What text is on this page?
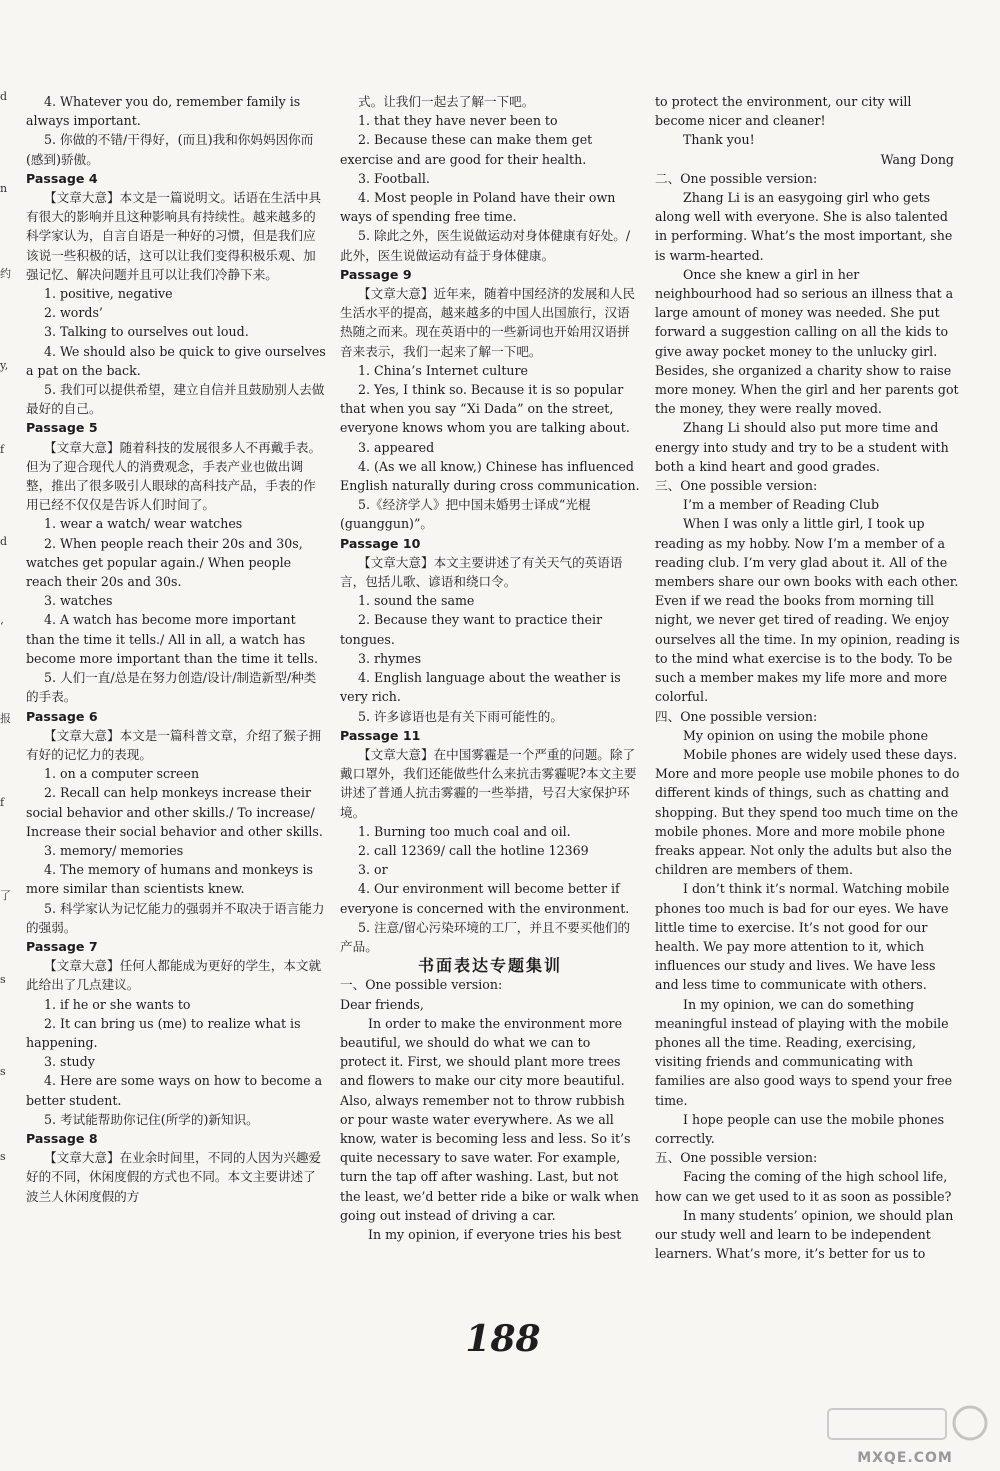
d
n
约
y,
f
d
ʻ
报
f
了
s
s
s

4. Whatever you do, remember family is always important.

5. 你做的不错/干得好，(而且)我和你妈妈因你而(感到)骄傲。

Passage 4

【文章大意】本文是一篇说明文。话语在生活中具有很大的影响并且这种影响具有持续性。越来越多的科学家认为，自言自语是一种好的习惯，但是我们应该说一些积极的话，这可以让我们变得积极乐观、加强记忆、解决问题并且可以让我们冷静下来。

1. positive, negative

2. words’

3. Talking to ourselves out loud.

4. We should also be quick to give ourselves a pat on the back.

5. 我们可以提供希望，建立自信并且鼓励别人去做最好的自己。

Passage 5

【文章大意】随着科技的发展很多人不再戴手表。但为了迎合现代人的消费观念，手表产业也做出调整，推出了很多吸引人眼球的高科技产品，手表的作用已经不仅仅是告诉人们时间了。

1. wear a watch/ wear watches

2. When people reach their 20s and 30s, watches get popular again./ When people reach their 20s and 30s.

3. watches

4. A watch has become more important than the time it tells./ All in all, a watch has become more important than the time it tells.

5. 人们一直/总是在努力创造/设计/制造新型/种类的手表。

Passage 6

【文章大意】本文是一篇科普文章，介绍了猴子拥有好的记忆力的表现。

1. on a computer screen

2. Recall can help monkeys increase their social behavior and other skills./ To increase/ Increase their social behavior and other skills.

3. memory/ memories

4. The memory of humans and monkeys is more similar than scientists knew.

5. 科学家认为记忆能力的强弱并不取决于语言能力的强弱。

Passage 7

【文章大意】任何人都能成为更好的学生，本文就此给出了几点建议。

1. if he or she wants to

2. It can bring us (me) to realize what is happening.

3. study

4. Here are some ways on how to become a better student.

5. 考试能帮助你记住(所学的)新知识。

Passage 8

【文章大意】在业余时间里，不同的人因为兴趣爱好的不同，休闲度假的方式也不同。本文主要讲述了波兰人休闲度假的方

式。让我们一起去了解一下吧。

1. that they have never been to

2. Because these can make them get exercise and are good for their health.

3. Football.

4. Most people in Poland have their own ways of spending free time.

5. 除此之外，医生说做运动对身体健康有好处。/此外，医生说做运动有益于身体健康。

Passage 9

【文章大意】近年来，随着中国经济的发展和人民生活水平的提高，越来越多的中国人出国旅行，汉语热随之而来。现在英语中的一些新词也开始用汉语拼音来表示，我们一起来了解一下吧。

1. China’s Internet culture

2. Yes, I think so. Because it is so popular that when you say “Xi Dada” on the street, everyone knows whom you are talking about.

3. appeared

4. (As we all know,) Chinese has influenced English naturally during cross communication.

5.《经济学人》把中国未婚男士译成“光棍(guanggun)”。

Passage 10

【文章大意】本文主要讲述了有关天气的英语语言，包括儿歌、谚语和绕口令。

1. sound the same

2. Because they want to practice their tongues.

3. rhymes

4. English language about the weather is very rich.

5. 许多谚语也是有关下雨可能性的。

Passage 11

【文章大意】在中国雾霾是一个严重的问题。除了戴口罩外，我们还能做些什么来抗击雾霾呢?本文主要讲述了普通人抗击雾霾的一些举措，号召大家保护环境。

1. Burning too much coal and oil.

2. call 12369/ call the hotline 12369

3. or

4. Our environment will become better if everyone is concerned with the environment.

5. 注意/留心污染环境的工厂，并且不要买他们的产品。

书面表达专题集训

一、One possible version:

Dear friends,

In order to make the environment more beautiful, we should do what we can to protect it. First, we should plant more trees and flowers to make our city more beautiful. Also, always remember not to throw rubbish or pour waste water everywhere. As we all know, water is becoming less and less. So it’s quite necessary to save water. For example, turn the tap off after washing. Last, but not the least, we’d better ride a bike or walk when going out instead of driving a car.

In my opinion, if everyone tries his best

to protect the environment, our city will become nicer and cleaner!

Thank you!

Wang Dong

二、One possible version:

Zhang Li is an easygoing girl who gets along well with everyone. She is also talented in performing. What’s the most important, she is warm-hearted.

Once she knew a girl in her neighbourhood had so serious an illness that a large amount of money was needed. She put forward a suggestion calling on all the kids to give away pocket money to the unlucky girl. Besides, she organized a charity show to raise more money. When the girl and her parents got the money, they were really moved.

Zhang Li should also put more time and energy into study and try to be a student with both a kind heart and good grades.

三、One possible version:

I’m a member of Reading Club

When I was only a little girl, I took up reading as my hobby. Now I’m a member of a reading club. I’m very glad about it. All of the members share our own books with each other. Even if we read the books from morning till night, we never get tired of reading. We enjoy ourselves all the time. In my opinion, reading is to the mind what exercise is to the body. To be such a member makes my life more and more colorful.

四、One possible version:

My opinion on using the mobile phone

Mobile phones are widely used these days. More and more people use mobile phones to do different kinds of things, such as chatting and shopping. But they spend too much time on the mobile phones. More and more mobile phone freaks appear. Not only the adults but also the children are members of them.

I don’t think it’s normal. Watching mobile phones too much is bad for our eyes. We have little time to exercise. It’s not good for our health. We pay more attention to it, which influences our study and lives. We have less and less time to communicate with others.

In my opinion, we can do something meaningful instead of playing with the mobile phones all the time. Reading, exercising, visiting friends and communicating with families are also good ways to spend your free time.

I hope people can use the mobile phones correctly.

五、One possible version:

Facing the coming of the high school life, how can we get used to it as soon as possible?

In many students’ opinion, we should plan our study well and learn to be independent learners. What’s more, it’s better for us to

188
MXQE.COM
